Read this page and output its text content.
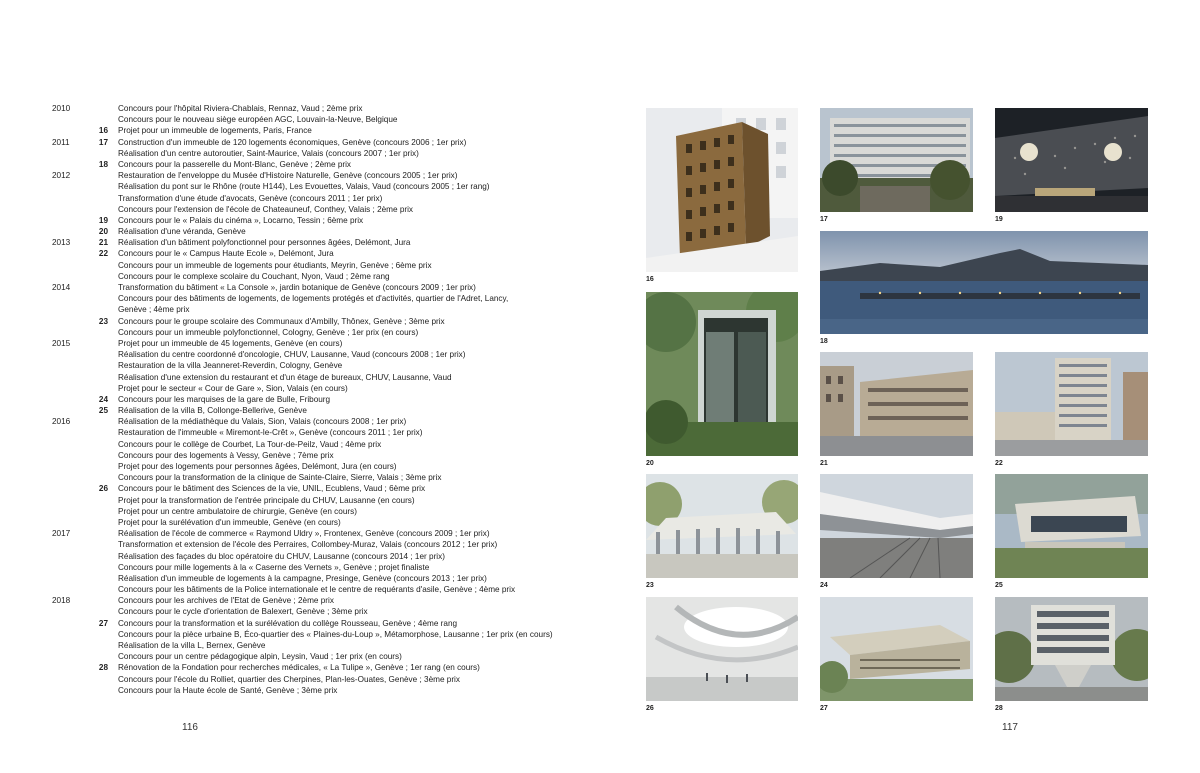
2010	Concours pour l'hôpital Riviera-Chablais, Rennaz, Vaud ; 2ème prix
Concours pour le nouveau siège européen AGC, Louvain-la-Neuve, Belgique
16 Projet pour un immeuble de logements, Paris, France
2011	17 Construction d'un immeuble de 120 logements économiques, Genève (concours 2006 ; 1er prix)
Réalisation d'un centre autoroutier, Saint-Maurice, Valais (concours 2007 ; 1er prix)
18 Concours pour la passerelle du Mont-Blanc, Genève ; 2ème prix
2012	Restauration de l'enveloppe du Musée d'Histoire Naturelle, Genève (concours 2005 ; 1er prix)
Réalisation du pont sur le Rhône (route H144), Les Evouettes, Valais, Vaud (concours 2005 ; 1er rang)
Transformation d'une étude d'avocats, Genève (concours 2011 ; 1er prix)
Concours pour l'extension de l'école de Chateauneuf, Conthey, Valais ; 2ème prix
19 Concours pour le « Palais du cinéma », Locarno, Tessin ; 6ème prix
20 Réalisation d'une véranda, Genève
2013	21 Réalisation d'un bâtiment polyfonctionnel pour personnes âgées, Delémont, Jura
22 Concours pour le « Campus Haute Ecole », Delémont, Jura
Concours pour un immeuble de logements pour étudiants, Meyrin, Genève ; 6ème prix
Concours pour le complexe scolaire du Couchant, Nyon, Vaud ; 2ème rang
2014	Transformation du bâtiment « La Console », jardin botanique de Genève (concours 2009 ; 1er prix)
Concours pour des bâtiments de logements, de logements protégés et d'activités, quartier de l'Adret, Lancy,
Genève ; 4ème prix
23 Concours pour le groupe scolaire des Communaux d'Ambilly, Thônex, Genève ; 3ème prix
Concours pour un immeuble polyfonctionnel, Cologny, Genève ; 1er prix (en cours)
2015	Projet pour un immeuble de 45 logements, Genève (en cours)
Réalisation du centre coordonné d'oncologie, CHUV, Lausanne, Vaud (concours 2008 ; 1er prix)
Restauration de la villa Jeanneret-Reverdin, Cologny, Genève
Réalisation d'une extension du restaurant et d'un étage de bureaux, CHUV, Lausanne, Vaud
Projet pour le secteur « Cour de Gare », Sion, Valais (en cours)
24 Concours pour les marquises de la gare de Bulle, Fribourg
25 Réalisation de la villa B, Collonge-Bellerive, Genève
2016	Réalisation de la médiathèque du Valais, Sion, Valais (concours 2008 ; 1er prix)
Restauration de l'immeuble « Miremont-le-Crêt », Genève (concours 2011 ; 1er prix)
Concours pour le collège de Courbet, La Tour-de-Peilz, Vaud ; 4ème prix
Concours pour des logements à Vessy, Genève ; 7ème prix
Projet pour des logements pour personnes âgées, Delémont, Jura (en cours)
Concours pour la transformation de la clinique de Sainte-Claire, Sierre, Valais ; 3ème prix
26 Concours pour le bâtiment des Sciences de la vie, UNIL, Ecublens, Vaud ; 6ème prix
Projet pour la transformation de l'entrée principale du CHUV, Lausanne (en cours)
Projet pour un centre ambulatoire de chirurgie, Genève (en cours)
Projet pour la surélévation d'un immeuble, Genève (en cours)
2017	Réalisation de l'école de commerce « Raymond Uldry », Frontenex, Genève (concours 2009 ; 1er prix)
Transformation et extension de l'école des Perraires, Collombey-Muraz, Valais (concours 2012 ; 1er prix)
Réalisation des façades du bloc opératoire du CHUV, Lausanne (concours 2014 ; 1er prix)
Concours pour mille logements à la « Caserne des Vernets », Genève ; projet finaliste
Réalisation d'un immeuble de logements à la campagne, Presinge, Genève (concours 2013 ; 1er prix)
Concours pour les bâtiments de la Police internationale et le centre de requérants d'asile, Genève ; 4ème prix
2018	Concours pour les archives de l'Etat de Genève ; 2ème prix
Concours pour le cycle d'orientation de Balexert, Genève ; 3ème prix
27 Concours pour la transformation et la surélévation du collège Rousseau, Genève ; 4ème rang
Concours pour la pièce urbaine B, Éco-quartier des « Plaines-du-Loup », Métamorphose, Lausanne ; 1er prix (en cours)
Réalisation de la villa L, Bernex, Genève
Concours pour un centre pédagogique alpin, Leysin, Vaud ; 1er prix (en cours)
28 Rénovation de la Fondation pour recherches médicales, « La Tulipe », Genève ; 1er rang (en cours)
Concours pour l'école du Rolliet, quartier des Cherpines, Plan-les-Ouates, Genève ; 3ème prix
Concours pour la Haute école de Santé, Genève ; 3ème prix
116
16
17	19
18
20	21	22
23	24	25
26	27	28
117
